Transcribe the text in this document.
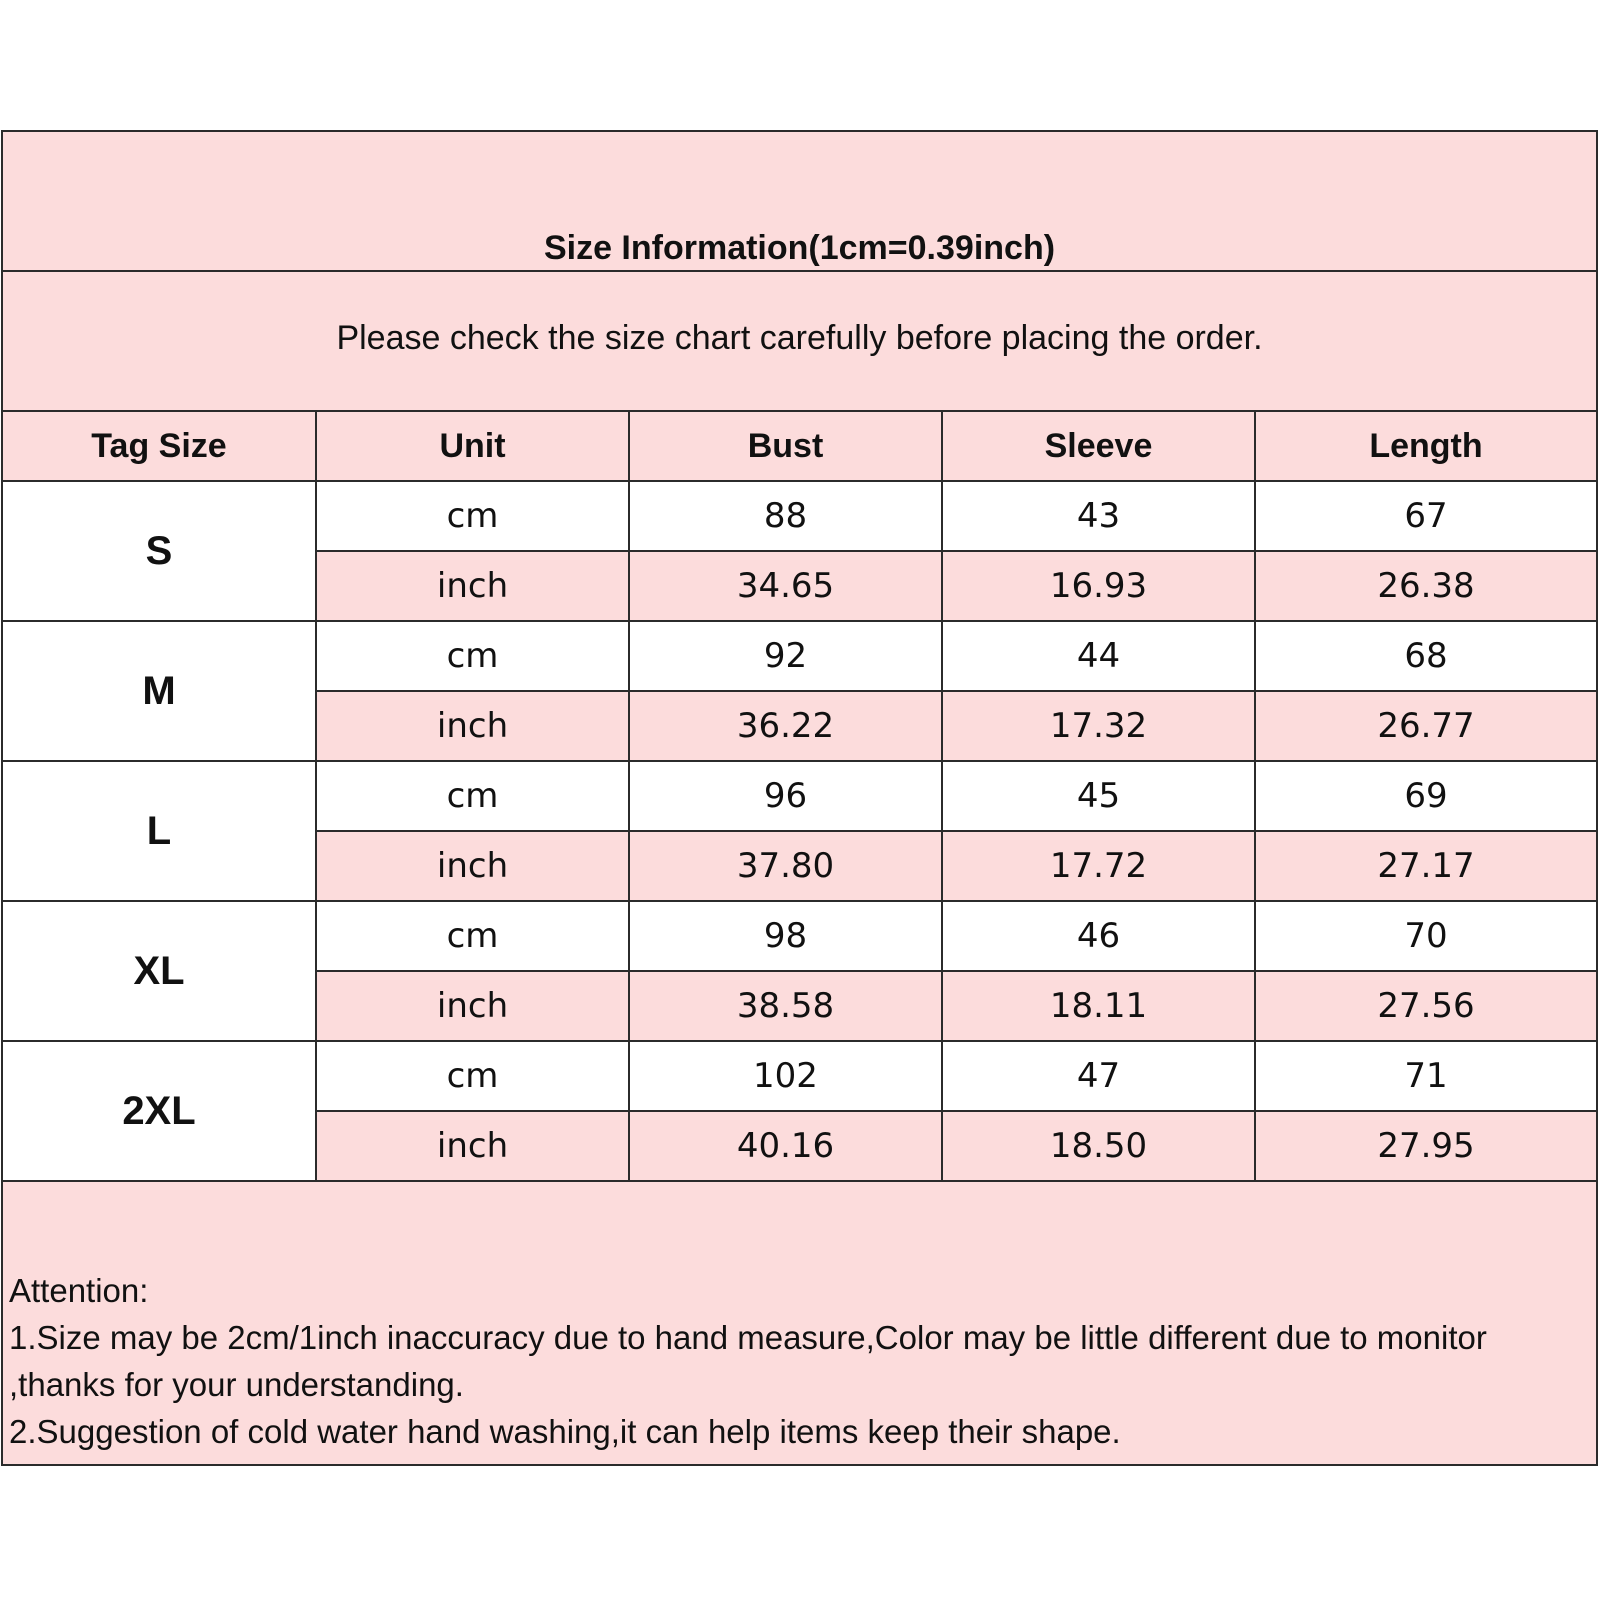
Size Information(1cm=0.39inch)
Please check the size chart carefully before placing the order.
Tag Size	Unit	Bust	Sleeve	Length
S	cm	88	43	67
	inch	34.65	16.93	26.38
M	cm	92	44	68
	inch	36.22	17.32	26.77
L	cm	96	45	69
	inch	37.80	17.72	27.17
XL	cm	98	46	70
	inch	38.58	18.11	27.56
2XL	cm	102	47	71
	inch	40.16	18.50	27.95
Attention:
1.Size may be 2cm/1inch inaccuracy due to hand measure,Color may be little different due to monitor ,thanks for your understanding.
2.Suggestion of cold water hand washing,it can help items keep their shape.
